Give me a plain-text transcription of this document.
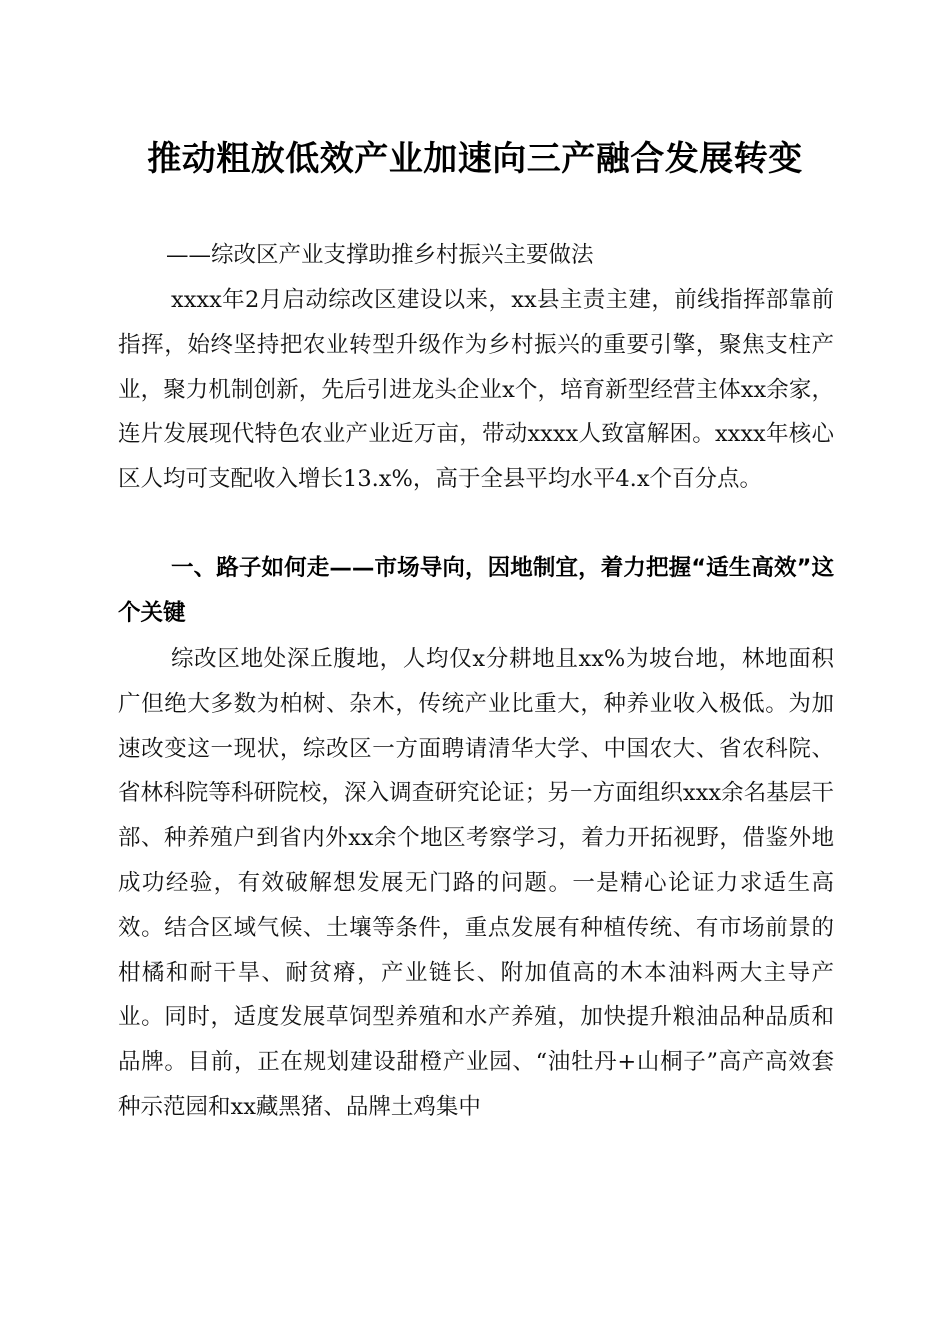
推动粗放低效产业加速向三产融合发展转变

——综改区产业支撑助推乡村振兴主要做法

xxxx年2月启动综改区建设以来，xx县主责主建，前线指挥部靠前指挥，始终坚持把农业转型升级作为乡村振兴的重要引擎，聚焦支柱产业，聚力机制创新，先后引进龙头企业x个，培育新型经营主体xx余家，连片发展现代特色农业产业近万亩，带动xxxx人致富解困。xxxx年核心区人均可支配收入增长13.x%，高于全县平均水平4.x个百分点。

一、路子如何走——市场导向，因地制宜，着力把握“适生高效”这个关键

综改区地处深丘腹地，人均仅x分耕地且xx%为坡台地，林地面积广但绝大多数为柏树、杂木，传统产业比重大，种养业收入极低。为加速改变这一现状，综改区一方面聘请清华大学、中国农大、省农科院、省林科院等科研院校，深入调查研究论证；另一方面组织xxx余名基层干部、种养殖户到省内外xx余个地区考察学习，着力开拓视野，借鉴外地成功经验，有效破解想发展无门路的问题。一是精心论证力求适生高效。结合区域气候、土壤等条件，重点发展有种植传统、有市场前景的柑橘和耐干旱、耐贫瘠，产业链长、附加值高的木本油料两大主导产业。同时，适度发展草饲型养殖和水产养殖，加快提升粮油品种品质和品牌。目前，正在规划建设甜橙产业园、“油牡丹+山桐子”高产高效套种示范园和xx藏黑猪、品牌土鸡集中
